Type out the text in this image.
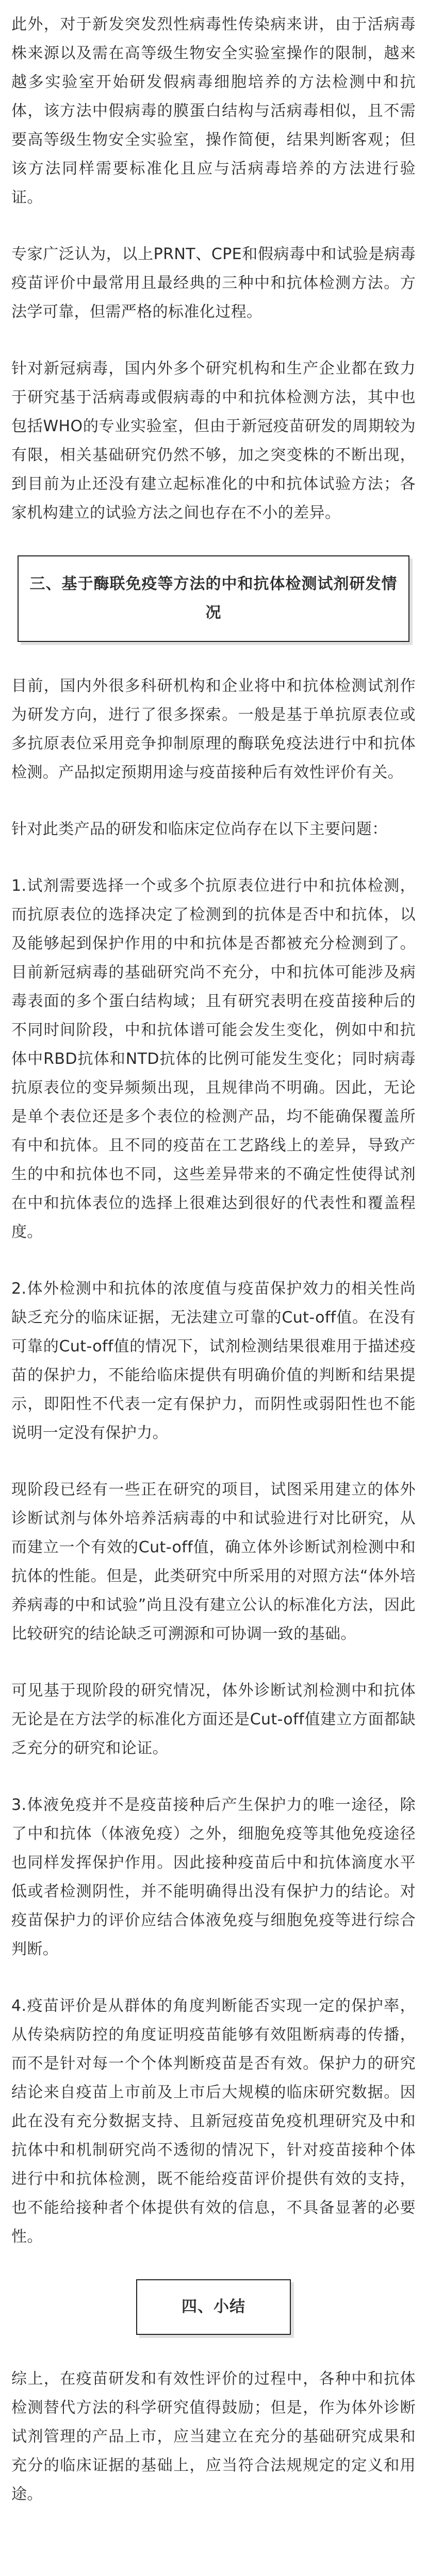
此外，对于新发突发烈性病毒性传染病来讲，由于活病毒株来源以及需在高等级生物安全实验室操作的限制，越来越多实验室开始研发假病毒细胞培养的方法检测中和抗体，该方法中假病毒的膜蛋白结构与活病毒相似，且不需要高等级生物安全实验室，操作简便，结果判断客观；但该方法同样需要标准化且应与活病毒培养的方法进行验证。

专家广泛认为，以上PRNT、CPE和假病毒中和试验是病毒疫苗评价中最常用且最经典的三种中和抗体检测方法。方法学可靠，但需严格的标准化过程。

针对新冠病毒，国内外多个研究机构和生产企业都在致力于研究基于活病毒或假病毒的中和抗体检测方法，其中也包括WHO的专业实验室，但由于新冠疫苗研发的周期较为有限，相关基础研究仍然不够，加之突变株的不断出现，到目前为止还没有建立起标准化的中和抗体试验方法；各家机构建立的试验方法之间也存在不小的差异。

三、基于酶联免疫等方法的中和抗体检测试剂研发情况

目前，国内外很多科研机构和企业将中和抗体检测试剂作为研发方向，进行了很多探索。一般是基于单抗原表位或多抗原表位采用竞争抑制原理的酶联免疫法进行中和抗体检测。产品拟定预期用途与疫苗接种后有效性评价有关。

针对此类产品的研发和临床定位尚存在以下主要问题：

1.试剂需要选择一个或多个抗原表位进行中和抗体检测，而抗原表位的选择决定了检测到的抗体是否中和抗体，以及能够起到保护作用的中和抗体是否都被充分检测到了。目前新冠病毒的基础研究尚不充分，中和抗体可能涉及病毒表面的多个蛋白结构域；且有研究表明在疫苗接种后的不同时间阶段，中和抗体谱可能会发生变化，例如中和抗体中RBD抗体和NTD抗体的比例可能发生变化；同时病毒抗原表位的变异频频出现，且规律尚不明确。因此，无论是单个表位还是多个表位的检测产品，均不能确保覆盖所有中和抗体。且不同的疫苗在工艺路线上的差异，导致产生的中和抗体也不同，这些差异带来的不确定性使得试剂在中和抗体表位的选择上很难达到很好的代表性和覆盖程度。

2.体外检测中和抗体的浓度值与疫苗保护效力的相关性尚缺乏充分的临床证据，无法建立可靠的Cut-off值。在没有可靠的Cut-off值的情况下，试剂检测结果很难用于描述疫苗的保护力，不能给临床提供有明确价值的判断和结果提示，即阳性不代表一定有保护力，而阴性或弱阳性也不能说明一定没有保护力。

现阶段已经有一些正在研究的项目，试图采用建立的体外诊断试剂与体外培养活病毒的中和试验进行对比研究，从而建立一个有效的Cut-off值，确立体外诊断试剂检测中和抗体的性能。但是，此类研究中所采用的对照方法“体外培养病毒的中和试验”尚且没有建立公认的标准化方法，因此比较研究的结论缺乏可溯源和可协调一致的基础。

可见基于现阶段的研究情况，体外诊断试剂检测中和抗体无论是在方法学的标准化方面还是Cut-off值建立方面都缺乏充分的研究和论证。

3.体液免疫并不是疫苗接种后产生保护力的唯一途径，除了中和抗体（体液免疫）之外，细胞免疫等其他免疫途径也同样发挥保护作用。因此接种疫苗后中和抗体滴度水平低或者检测阴性，并不能明确得出没有保护力的结论。对疫苗保护力的评价应结合体液免疫与细胞免疫等进行综合判断。

4.疫苗评价是从群体的角度判断能否实现一定的保护率，从传染病防控的角度证明疫苗能够有效阻断病毒的传播，而不是针对每一个个体判断疫苗是否有效。保护力的研究结论来自疫苗上市前及上市后大规模的临床研究数据。因此在没有充分数据支持、且新冠疫苗免疫机理研究及中和抗体中和机制研究尚不透彻的情况下，针对疫苗接种个体进行中和抗体检测，既不能给疫苗评价提供有效的支持，也不能给接种者个体提供有效的信息，不具备显著的必要性。

四、小结

综上，在疫苗研发和有效性评价的过程中，各种中和抗体检测替代方法的科学研究值得鼓励；但是，作为体外诊断试剂管理的产品上市，应当建立在充分的基础研究成果和充分的临床证据的基础上，应当符合法规规定的定义和用途。
